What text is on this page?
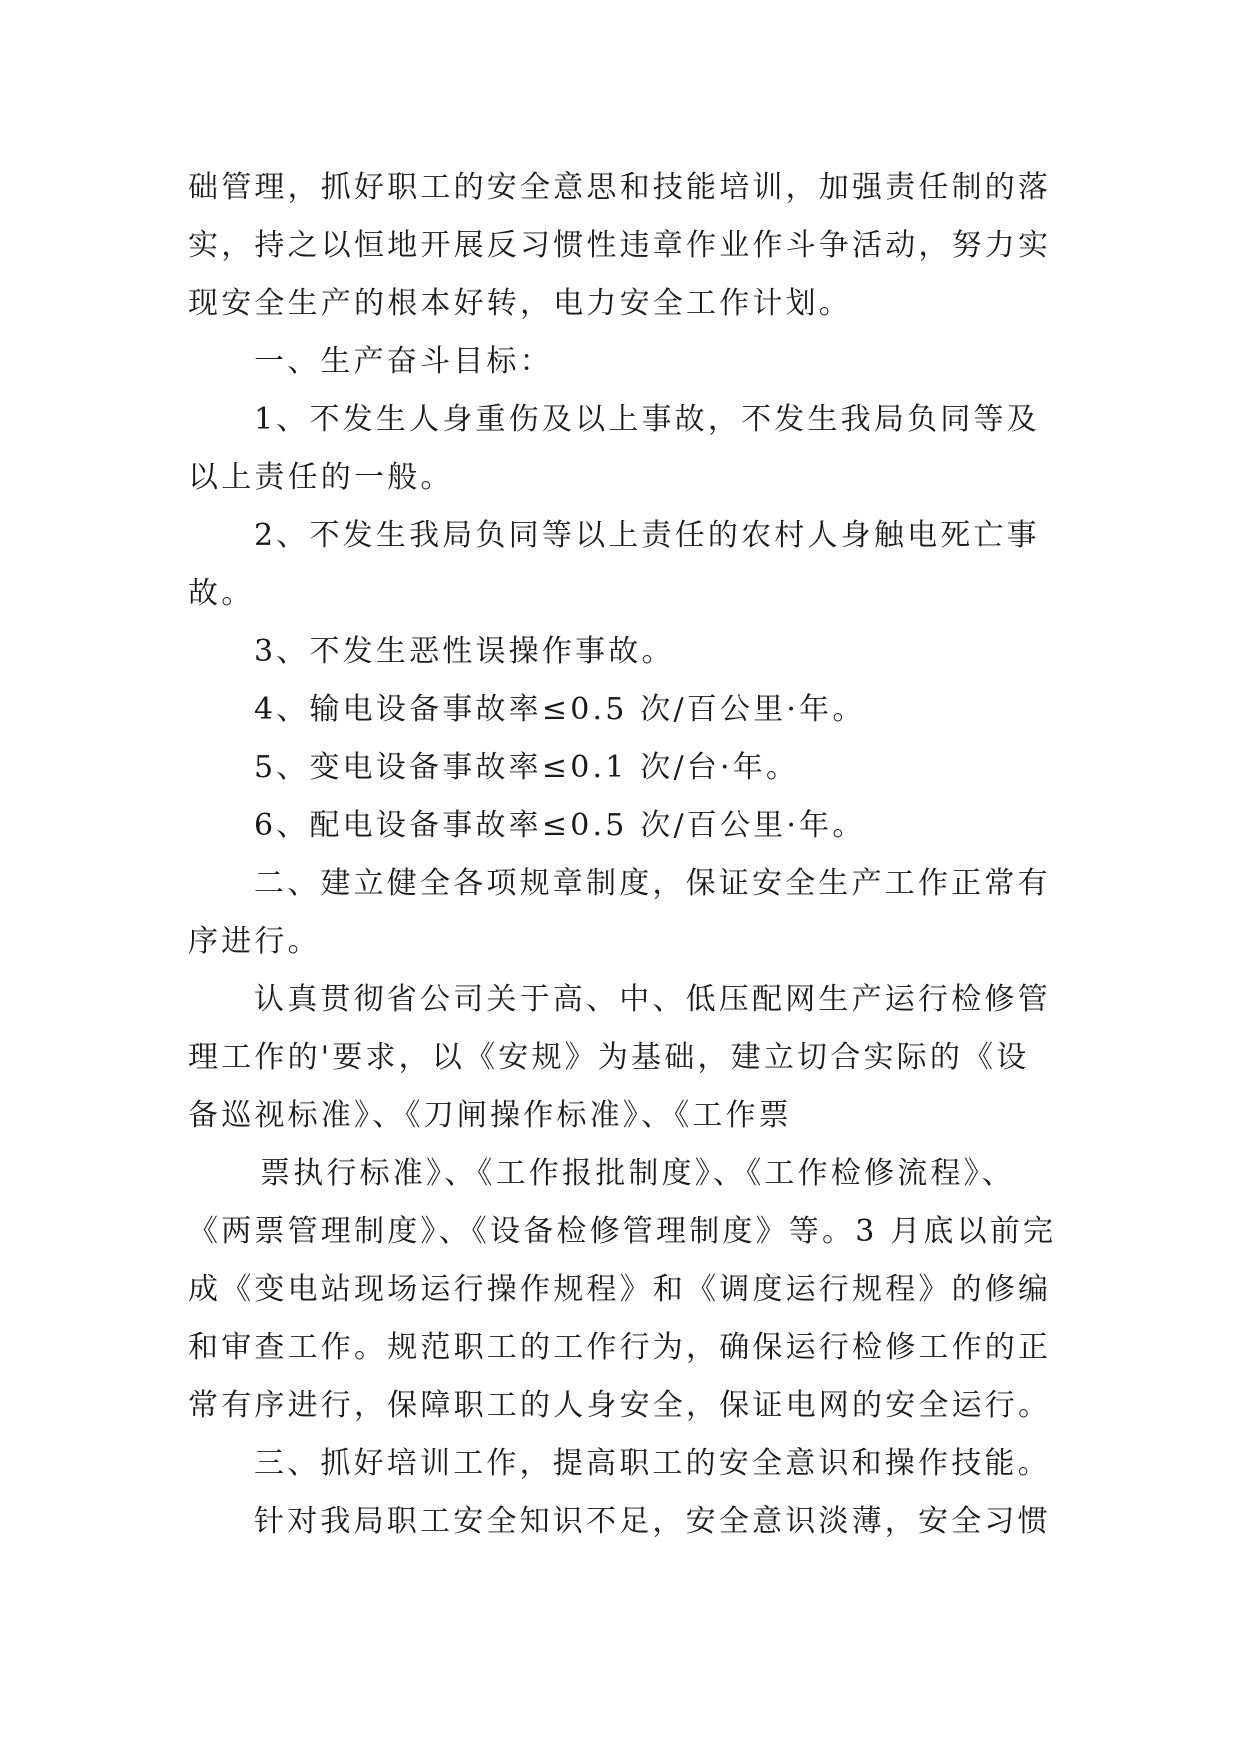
础管理，抓好职工的安全意思和技能培训，加强责任制的落
实，持之以恒地开展反习惯性违章作业作斗争活动，努力实
现安全生产的根本好转，电力安全工作计划。
一、生产奋斗目标：
1、不发生人身重伤及以上事故，不发生我局负同等及
以上责任的一般。
2、不发生我局负同等以上责任的农村人身触电死亡事
故。
3、不发生恶性误操作事故。
4、输电设备事故率≤0.5 次/百公里·年。
5、变电设备事故率≤0.1 次/台·年。
6、配电设备事故率≤0.5 次/百公里·年。
二、建立健全各项规章制度，保证安全生产工作正常有
序进行。
认真贯彻省公司关于高、中、低压配网生产运行检修管
理工作的'要求，以《安规》为基础，建立切合实际的《设
备巡视标准》、《刀闸操作标准》、《工作票
票执行标准》、《工作报批制度》、《工作检修流程》、
《两票管理制度》、《设备检修管理制度》等。3 月底以前完
成《变电站现场运行操作规程》和《调度运行规程》的修编
和审查工作。规范职工的工作行为，确保运行检修工作的正
常有序进行，保障职工的人身安全，保证电网的安全运行。
三、抓好培训工作，提高职工的安全意识和操作技能。
针对我局职工安全知识不足，安全意识淡薄，安全习惯
